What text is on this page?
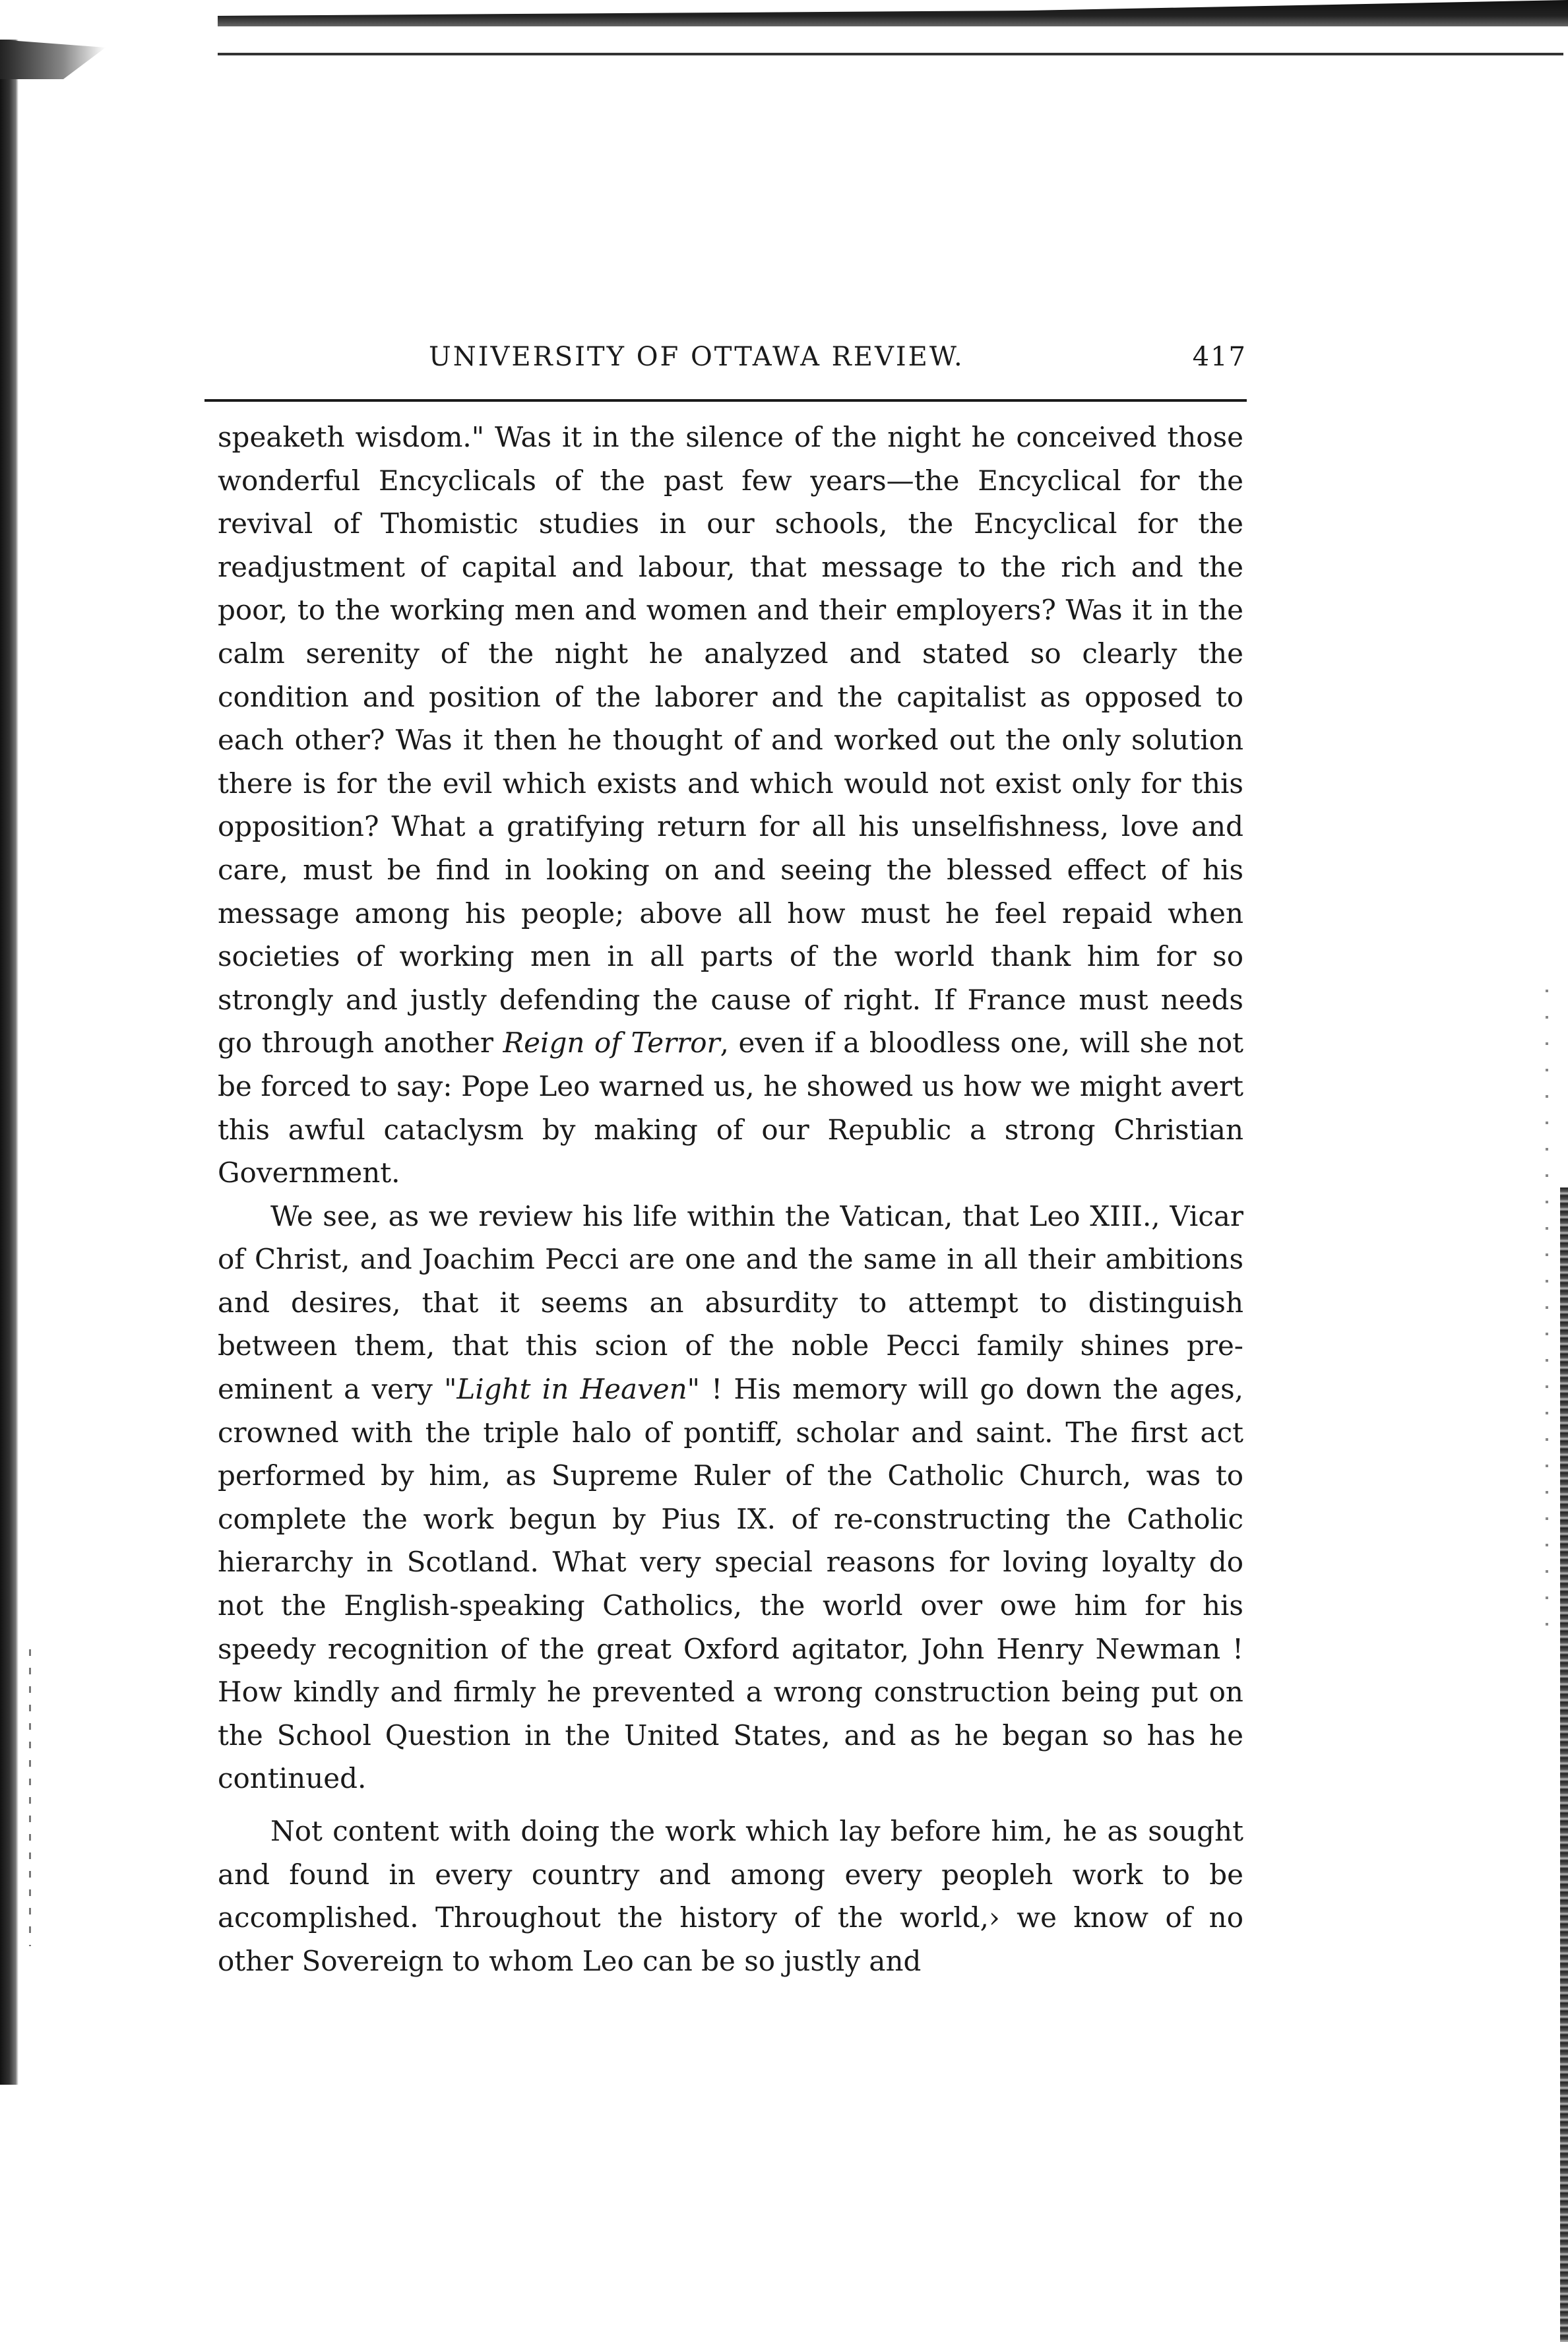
UNIVERSITY OF OTTAWA REVIEW.	417

speaketh wisdom." Was it in the silence of the night he conceived those wonderful Encyclicals of the past few years—the Encyclical for the revival of Thomistic studies in our schools, the Encyclical for the readjustment of capital and labour, that message to the rich and the poor, to the working men and women and their employers? Was it in the calm serenity of the night he analyzed and stated so clearly the condition and position of the laborer and the capitalist as opposed to each other? Was it then he thought of and worked out the only solution there is for the evil which exists and which would not exist only for this opposition? What a gratifying return for all his unselfishness, love and care, must be find in looking on and seeing the blessed effect of his message among his people; above all how must he feel repaid when societies of working men in all parts of the world thank him for so strongly and justly defending the cause of right. If France must needs go through another Reign of Terror, even if a bloodless one, will she not be forced to say: Pope Leo warned us, he showed us how we might avert this awful cataclysm by making of our Republic a strong Christian Government.

We see, as we review his life within the Vatican, that Leo XIII., Vicar of Christ, and Joachim Pecci are one and the same in all their ambitions and desires, that it seems an absurdity to attempt to distinguish between them, that this scion of the noble Pecci family shines pre-eminent a very "Light in Heaven" ! His memory will go down the ages, crowned with the triple halo of pontiff, scholar and saint. The first act performed by him, as Supreme Ruler of the Catholic Church, was to complete the work begun by Pius IX. of re-constructing the Catholic hierarchy in Scotland. What very special reasons for loving loyalty do not the English-speaking Catholics, the world over owe him for his speedy recognition of the great Oxford agitator, John Henry Newman ! How kindly and firmly he prevented a wrong construction being put on the School Question in the United States, and as he began so has he continued.

Not content with doing the work which lay before him, he as sought and found in every country and among every peopleh work to be accomplished. Throughout the history of the world,› we know of no other Sovereign to whom Leo can be so justly and
